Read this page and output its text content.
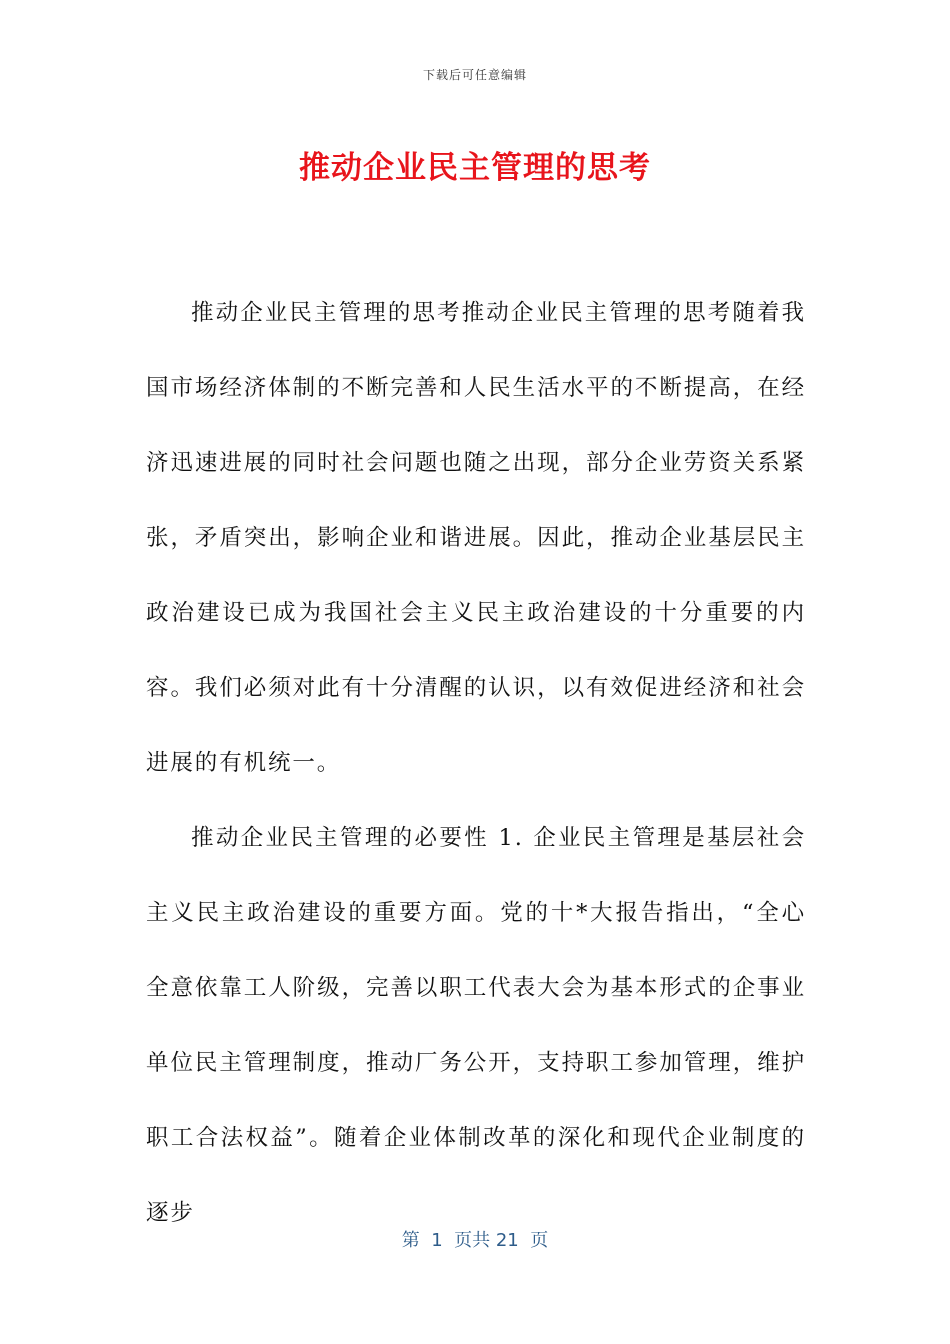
下载后可任意编辑
推动企业民主管理的思考

推动企业民主管理的思考推动企业民主管理的思考随着我国市场经济体制的不断完善和人民生活水平的不断提高，在经济迅速进展的同时社会问题也随之出现，部分企业劳资关系紧张，矛盾突出，影响企业和谐进展。因此，推动企业基层民主政治建设已成为我国社会主义民主政治建设的十分重要的内容。我们必须对此有十分清醒的认识，以有效促进经济和社会进展的有机统一。

推动企业民主管理的必要性 1. 企业民主管理是基层社会主义民主政治建设的重要方面。党的十*大报告指出，“全心全意依靠工人阶级，完善以职工代表大会为基本形式的企事业单位民主管理制度，推动厂务公开，支持职工参加管理，维护职工合法权益”。随着企业体制改革的深化和现代企业制度的逐步

第  1  页共 21  页
